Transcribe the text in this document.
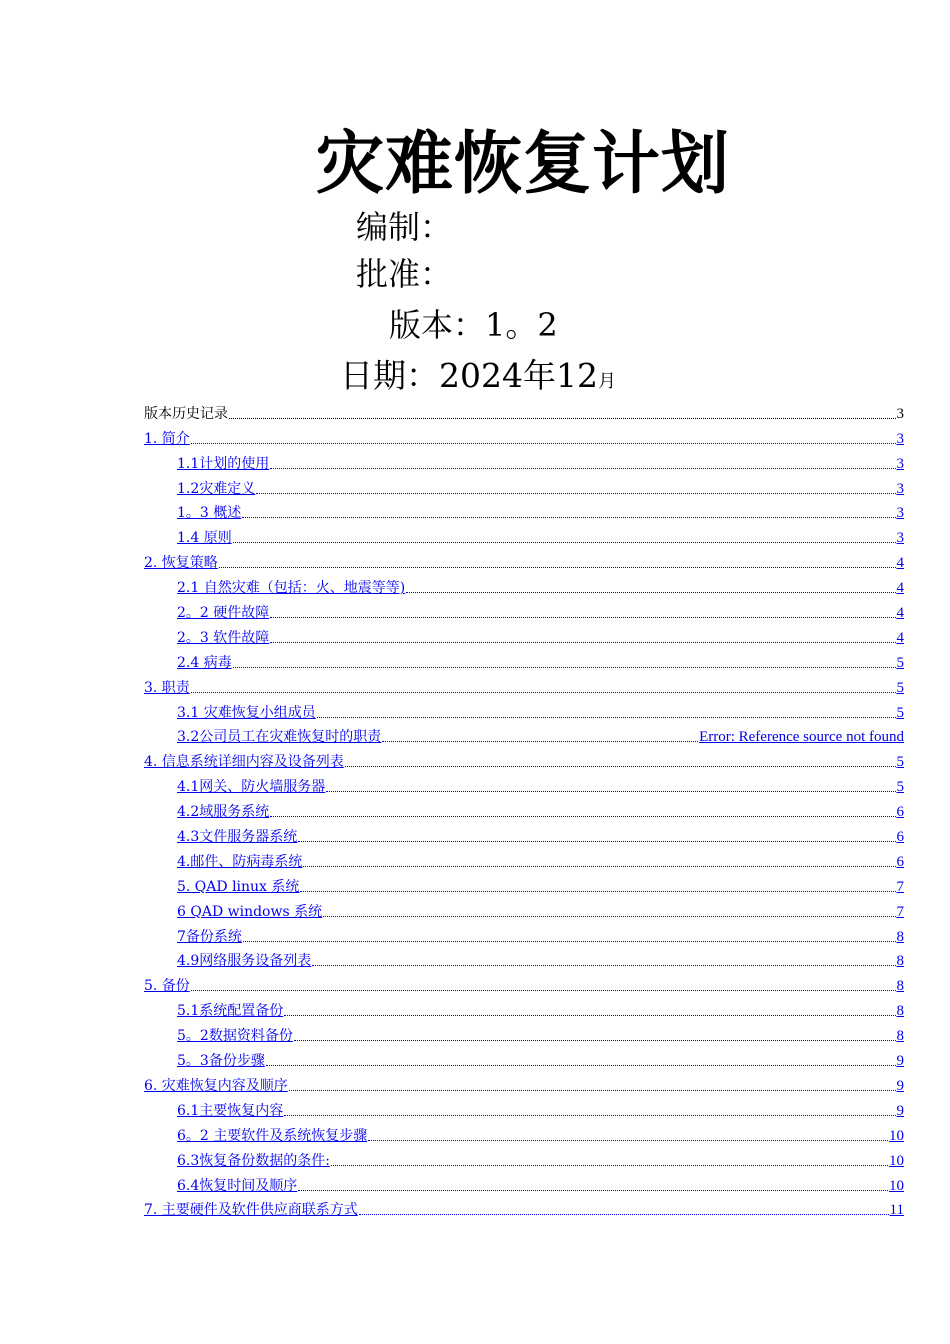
灾难恢复计划
编制：
批准：
版本：1。2
日期：2024年12月
版本历史记录	3
1. 简介	3
1.1计划的使用	3
1.2灾难定义	3
1。3 概述	3
1.4 原则	3
2. 恢复策略	4
2.1 自然灾难（包括：火、地震等等)	4
2。2 硬件故障	4
2。3 软件故障	4
2.4 病毒	5
3. 职责	5
3.1 灾难恢复小组成员	5
3.2公司员工在灾难恢复时的职责	Error: Reference source not found
4. 信息系统详细内容及设备列表	5
4.1网关、防火墙服务器	5
4.2域服务系统	6
4.3文件服务器系统	6
4.邮件、防病毒系统	6
5. QAD linux 系统	7
6 QAD windows 系统	7
7备份系统	8
4.9网络服务设备列表	8
5. 备份	8
5.1系统配置备份	8
5。2数据资料备份	8
5。3备份步骤	9
6. 灾难恢复内容及顺序	9
6.1主要恢复内容	9
6。2 主要软件及系统恢复步骤	10
6.3恢复备份数据的条件:	10
6.4恢复时间及顺序	10
7. 主要硬件及软件供应商联系方式	11
